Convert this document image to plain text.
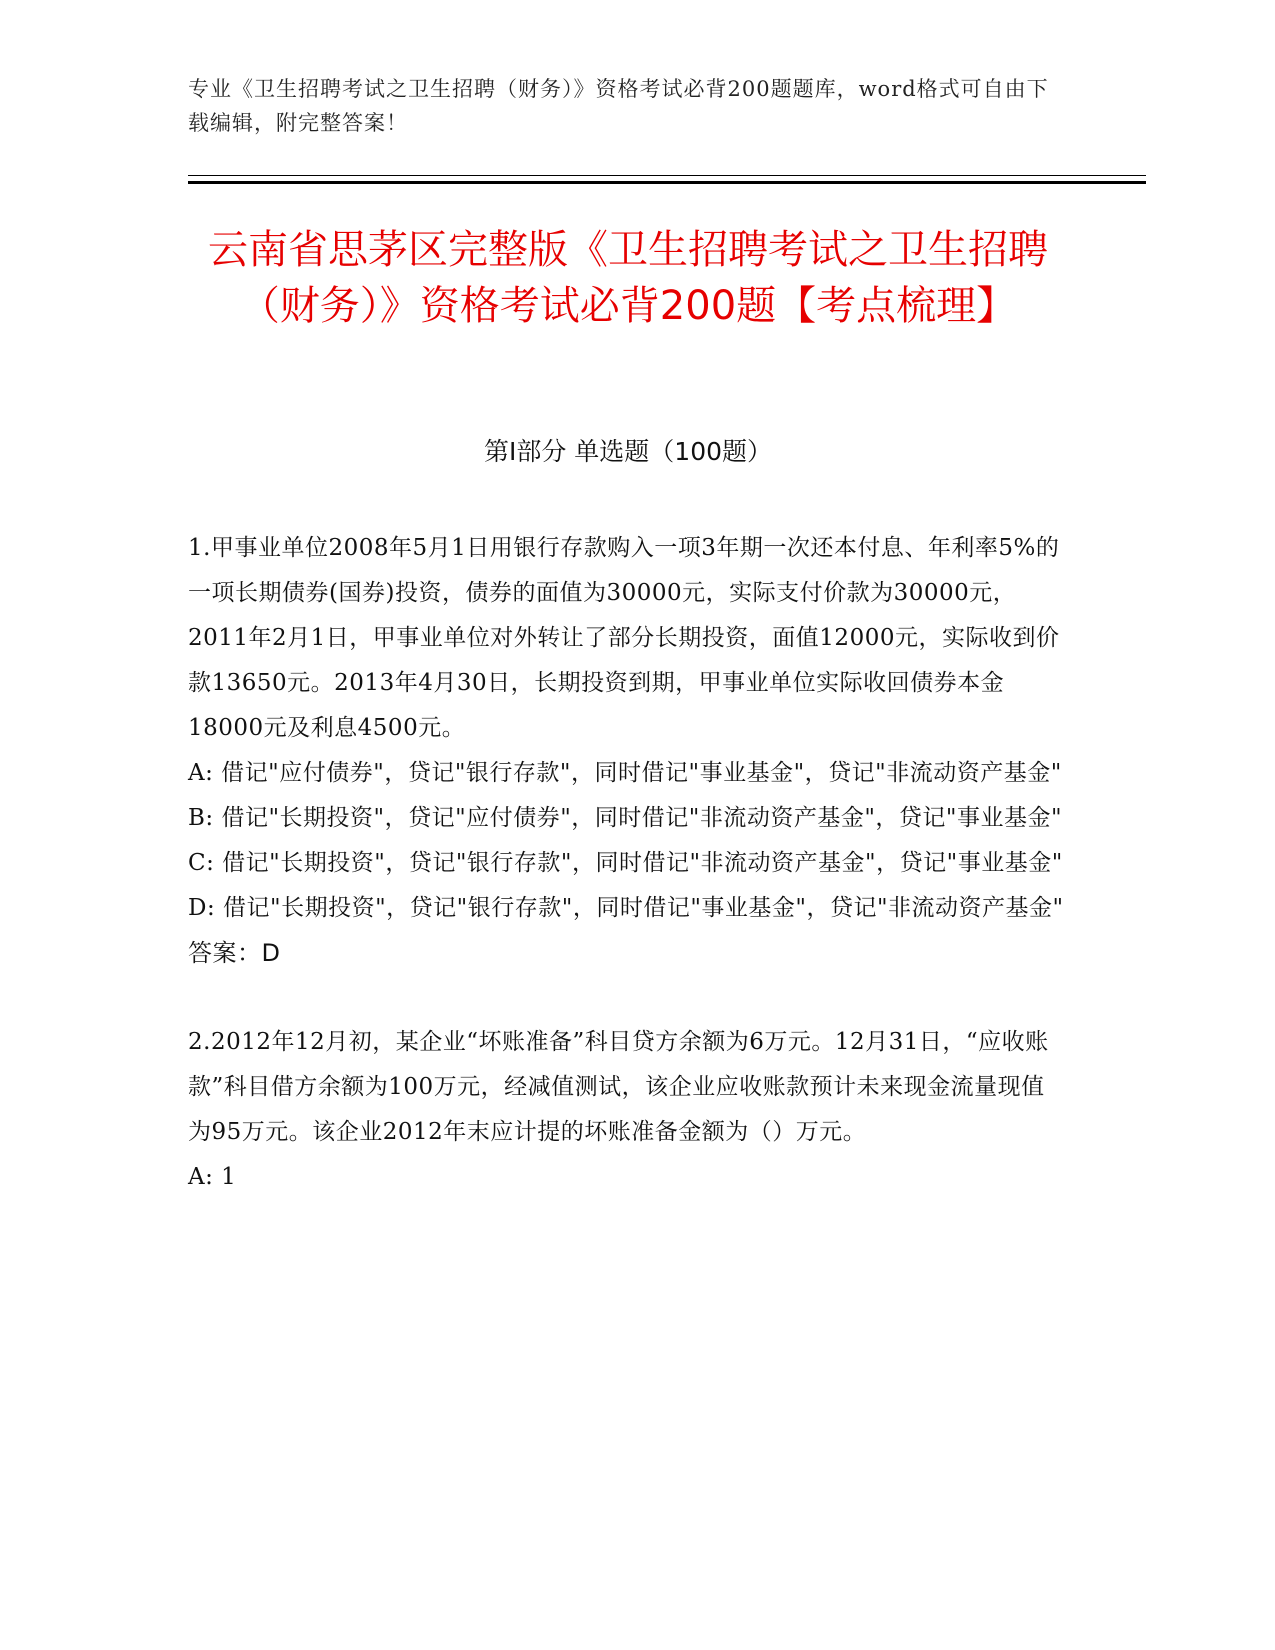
专业《卫生招聘考试之卫生招聘（财务）》资格考试必背200题题库，word格式可自由下载编辑，附完整答案！
云南省思茅区完整版《卫生招聘考试之卫生招聘（财务）》资格考试必背200题【考点梳理】
第Ⅰ部分 单选题（100题）

1.甲事业单位2008年5月1日用银行存款购入一项3年期一次还本付息、年利率5%的一项长期债券(国券)投资，债券的面值为30000元，实际支付价款为30000元，2011年2月1日，甲事业单位对外转让了部分长期投资，面值12000元，实际收到价款13650元。2013年4月30日，长期投资到期，甲事业单位实际收回债券本金18000元及利息4500元。

A: 借记"应付债券"，贷记"银行存款"，同时借记"事业基金"，贷记"非流动资产基金"

B: 借记"长期投资"，贷记"应付债券"，同时借记"非流动资产基金"，贷记"事业基金"

C: 借记"长期投资"，贷记"银行存款"，同时借记"非流动资产基金"，贷记"事业基金"

D: 借记"长期投资"，贷记"银行存款"，同时借记"事业基金"，贷记"非流动资产基金"

答案：D

2.2012年12月初，某企业“坏账准备”科目贷方余额为6万元。12月31日，“应收账款”科目借方余额为100万元，经减值测试，该企业应收账款预计未来现金流量现值为95万元。该企业2012年末应计提的坏账准备金额为（）万元。

A: 1
